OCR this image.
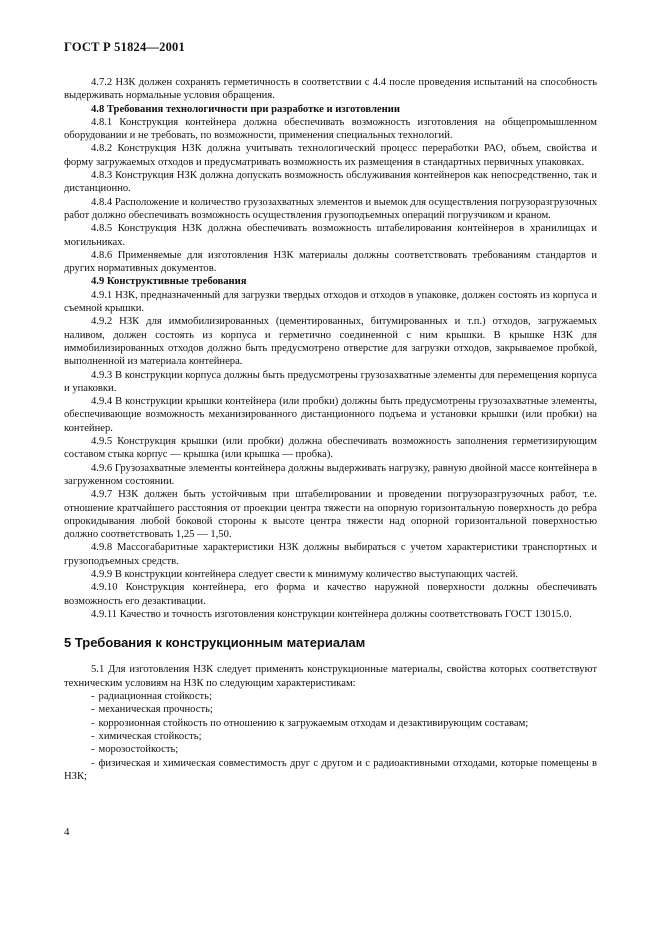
ГОСТ Р 51824—2001

4.7.2 НЗК должен сохранять герметичность в соответствии с 4.4 после проведения испытаний на способность выдерживать нормальные условия обращения.

4.8 Требования технологичности при разработке и изготовлении

4.8.1 Конструкция контейнера должна обеспечивать возможность изготовления на общепромышленном оборудовании и не требовать, по возможности, применения специальных технологий.

4.8.2 Конструкция НЗК должна учитывать технологический процесс переработки РАО, объем, свойства и форму загружаемых отходов и предусматривать возможность их размещения в стандартных первичных упаковках.

4.8.3 Конструкция НЗК должна допускать возможность обслуживания контейнеров как непосредственно, так и дистанционно.

4.8.4 Расположение и количество грузозахватных элементов и выемок для осуществления погрузоразгрузочных работ должно обеспечивать возможность осуществления грузоподъемных операций погрузчиком и краном.

4.8.5 Конструкция НЗК должна обеспечивать возможность штабелирования контейнеров в хранилищах и могильниках.

4.8.6 Применяемые для изготовления НЗК материалы должны соответствовать требованиям стандартов и других нормативных документов.

4.9 Конструктивные требования

4.9.1 НЗК, предназначенный для загрузки твердых отходов и отходов в упаковке, должен состоять из корпуса и съемной крышки.

4.9.2 НЗК для иммобилизированных (цементированных, битумированных и т.п.) отходов, загружаемых наливом, должен состоять из корпуса и герметично соединенной с ним крышки. В крышке НЗК для иммобилизированных отходов должно быть предусмотрено отверстие для загрузки отходов, закрываемое пробкой, выполненной из материала контейнера.

4.9.3 В конструкции корпуса должны быть предусмотрены грузозахватные элементы для перемещения корпуса и упаковки.

4.9.4 В конструкции крышки контейнера (или пробки) должны быть предусмотрены грузозахватные элементы, обеспечивающие возможность механизированного дистанционного подъема и установки крышки (или пробки) на контейнер.

4.9.5 Конструкция крышки (или пробки) должна обеспечивать возможность заполнения герметизирующим составом стыка корпус — крышка (или крышка — пробка).

4.9.6 Грузозахватные элементы контейнера должны выдерживать нагрузку, равную двойной массе контейнера в загруженном состоянии.

4.9.7 НЗК должен быть устойчивым при штабелировании и проведении погрузоразгрузочных работ, т.е. отношение кратчайшего расстояния от проекции центра тяжести на опорную горизонтальную поверхность до ребра опрокидывания любой боковой стороны к высоте центра тяжести над опорной горизонтальной поверхностью должно соответствовать 1,25 — 1,50.

4.9.8 Массогабаритные характеристики НЗК должны выбираться с учетом характеристики транспортных и грузоподъемных средств.

4.9.9 В конструкции контейнера следует свести к минимуму количество выступающих частей.

4.9.10 Конструкция контейнера, его форма и качество наружной поверхности должны обеспечивать возможность его дезактивации.

4.9.11 Качество и точность изготовления конструкции контейнера должны соответствовать ГОСТ 13015.0.

5 Требования к конструкционным материалам

5.1 Для изготовления НЗК следует применять конструкционные материалы, свойства которых соответствуют техническим условиям на НЗК по следующим характеристикам:

- радиационная стойкость;
- механическая прочность;
- коррозионная стойкость по отношению к загружаемым отходам и дезактивирующим составам;
- химическая стойкость;
- морозостойкость;
- физическая и химическая совместимость друг с другом и с радиоактивными отходами, которые помещены в НЗК;
4
